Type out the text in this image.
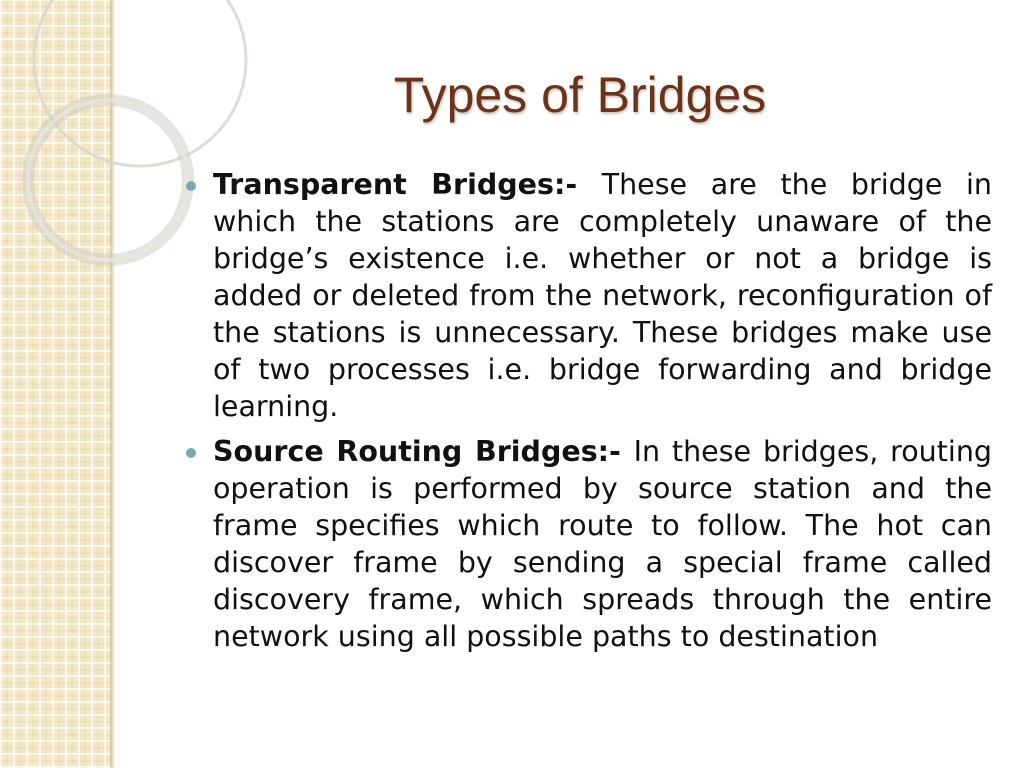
Types of Bridges
Transparent Bridges:- These are the bridge in which the stations are completely unaware of the bridge’s existence i.e. whether or not a bridge is added or deleted from the network, reconfiguration of the stations is unnecessary. These bridges make use of two processes i.e. bridge forwarding and bridge learning.
Source Routing Bridges:- In these bridges, routing operation is performed by source station and the frame specifies which route to follow. The hot can discover frame by sending a special frame called discovery frame, which spreads through the entire network using all possible paths to destination
